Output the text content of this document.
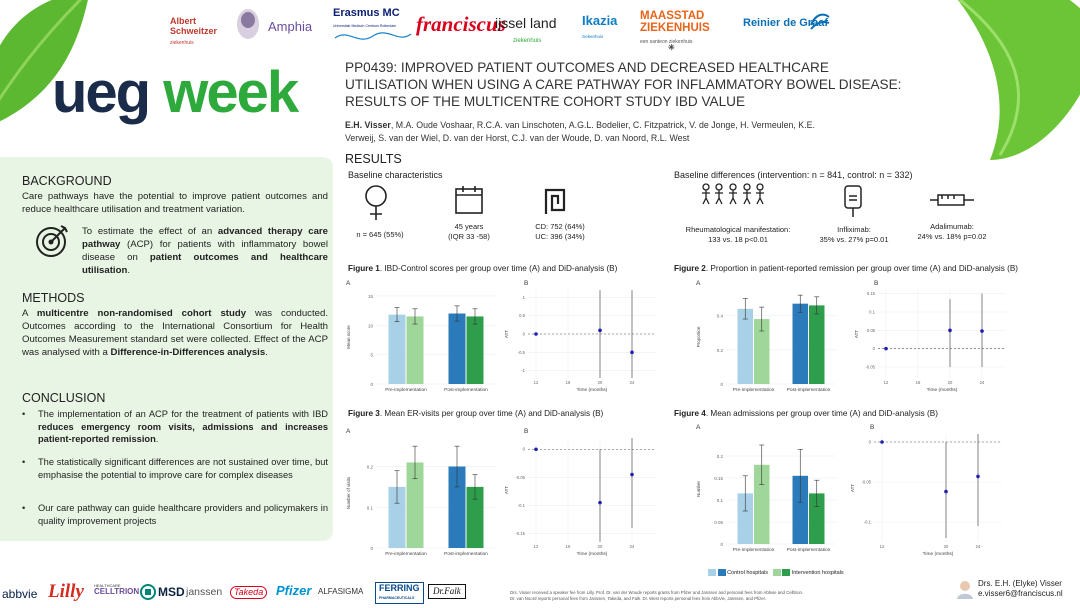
Albert
Schweitzer
ziekenhuis
Amphia
Erasmus MC
Universitair Medisch Centrum Rotterdam franciscus
ijssel land
ziekenhuis
Ikazia
ziekenhuis
MAASSTAD
ZIEKENHUIS
een santeon ziekenhuis
✳
Reinier de Graaf
ueg week	PP0439: IMPROVED PATIENT OUTCOMES AND DECREASED HEALTHCARE
UTILISATION WHEN USING A CARE PATHWAY FOR INFLAMMATORY BOWEL DISEASE:
RESULTS OF THE MULTICENTRE COHORT STUDY IBD VALUE
E.H. Visser, M.A. Oude Voshaar, R.C.A. van Linschoten, A.G.L. Bodelier, C. Fitzpatrick, V. de Jonge, H. Vermeulen, K.E.
Verweij, S. van der Wiel, D. van der Horst, C.J. van der Woude, D. van Noord, R.L. West
BACKGROUND
Care pathways have the potential to improve patient outcomes and reduce healthcare utilisation and treatment variation.
To estimate the effect of an advanced therapy care pathway (ACP) for patients with inflammatory bowel disease on patient outcomes and healthcare utilisation.
METHODS
A multicentre non-randomised cohort study was conducted. Outcomes according to the International Consortium for Health Outcomes Measurement standard set were collected. Effect of the ACP was analysed with a Difference-in-Differences analysis.
CONCLUSION
• The implementation of an ACP for the treatment of patients with IBD reduces emergency room visits, admissions and increases patient-reported remission.
• The statistically significant differences are not sustained over time, but emphasise the potential to improve care for complex diseases
• Our care pathway can guide healthcare providers and policymakers in quality improvement projects
RESULTS
Baseline characteristics
n = 645 (55%)
45 years
(IQR 33 -58)
CD: 752 (64%)
UC: 396 (34%)
Baseline differences (intervention: n = 841, control: n = 332)
Rheumatological manifestation:
133 vs. 18 p<0.01
Infliximab:
35% vs. 27% p=0.01
Adalimumab:
24% vs. 18% p=0.02
Figure 1. IBD-Control scores per group over time (A) and DiD-analysis (B)	Figure 2. Proportion in patient-reported remission per group over time (A) and DiD-analysis (B)
Figure 3. Mean ER-visits per group over time (A) and DiD-analysis (B)	Figure 4. Mean admissions per group over time (A) and DiD-analysis (B)
A
0
5
10
15
Mean score
Pre-implementation	Post-implementation
B
-1
-0.5
0
0.5
1
12	16	20	24
ATT
Time (months)
A
0
0.2
0.4
Proportion
Pre-implementation	Post-implementation
B
-0.05
0
0.05
0.1
0.15
12	16	20	24
ATT
Time (months)
A
0
0.1
0.2
Number of visits
Pre-implementation	Post-implementation
B
-0.15
-0.1
-0.05
0
12	16	20	24
ATT
Time (months)
A
0
0.05
0.1
0.15
0.2
Number
Pre-implementation	Post-implementation
B
-0.1
-0.05
0
12	20	24
ATT
Time (months)
Control hospitals	Intervention hospitals
abbvie Lilly	HEALTHCARE
CELLTRION MSD janssen	Takeda Pfizer ALFASIGMA	FERRING
PHARMACEUTICALS
Dr.Falk	Drs. Visser received a speaker fee from Lilly. Prof. Dr. van der Woude reports grants from Pfizer and Janssen and personal fees from Abbvie and Celltrion.
Dr. van Noord reports personal fees from Janssen, Takeda, and Falk. Dr. West reports personal fees from AbbVie, Janssen, and Pfizer.
Drs. E.H. (Elyke) Visser
e.visser6@franciscus.nl
